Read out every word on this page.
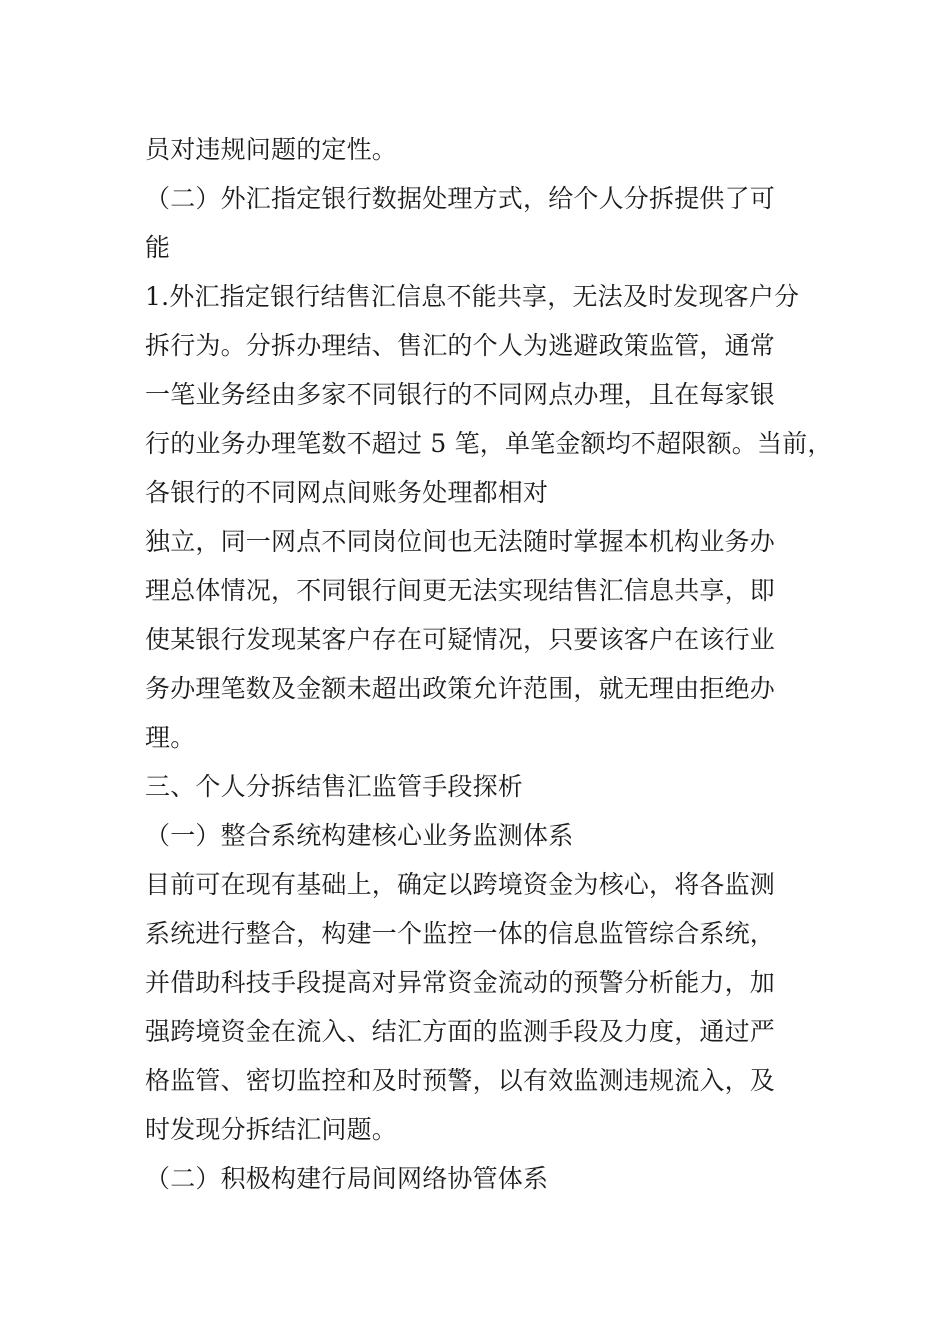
员对违规问题的定性。
（二）外汇指定银行数据处理方式，给个人分拆提供了可
能
1.外汇指定银行结售汇信息不能共享，无法及时发现客户分
拆行为。分拆办理结、售汇的个人为逃避政策监管，通常
一笔业务经由多家不同银行的不同网点办理，且在每家银
行的业务办理笔数不超过 5 笔，单笔金额均不超限额。当前，
各银行的不同网点间账务处理都相对
独立，同一网点不同岗位间也无法随时掌握本机构业务办
理总体情况，不同银行间更无法实现结售汇信息共享，即
使某银行发现某客户存在可疑情况，只要该客户在该行业
务办理笔数及金额未超出政策允许范围，就无理由拒绝办
理。
三、个人分拆结售汇监管手段探析
（一）整合系统构建核心业务监测体系
目前可在现有基础上，确定以跨境资金为核心，将各监测
系统进行整合，构建一个监控一体的信息监管综合系统，
并借助科技手段提高对异常资金流动的预警分析能力，加
强跨境资金在流入、结汇方面的监测手段及力度，通过严
格监管、密切监控和及时预警，以有效监测违规流入，及
时发现分拆结汇问题。
（二）积极构建行局间网络协管体系
